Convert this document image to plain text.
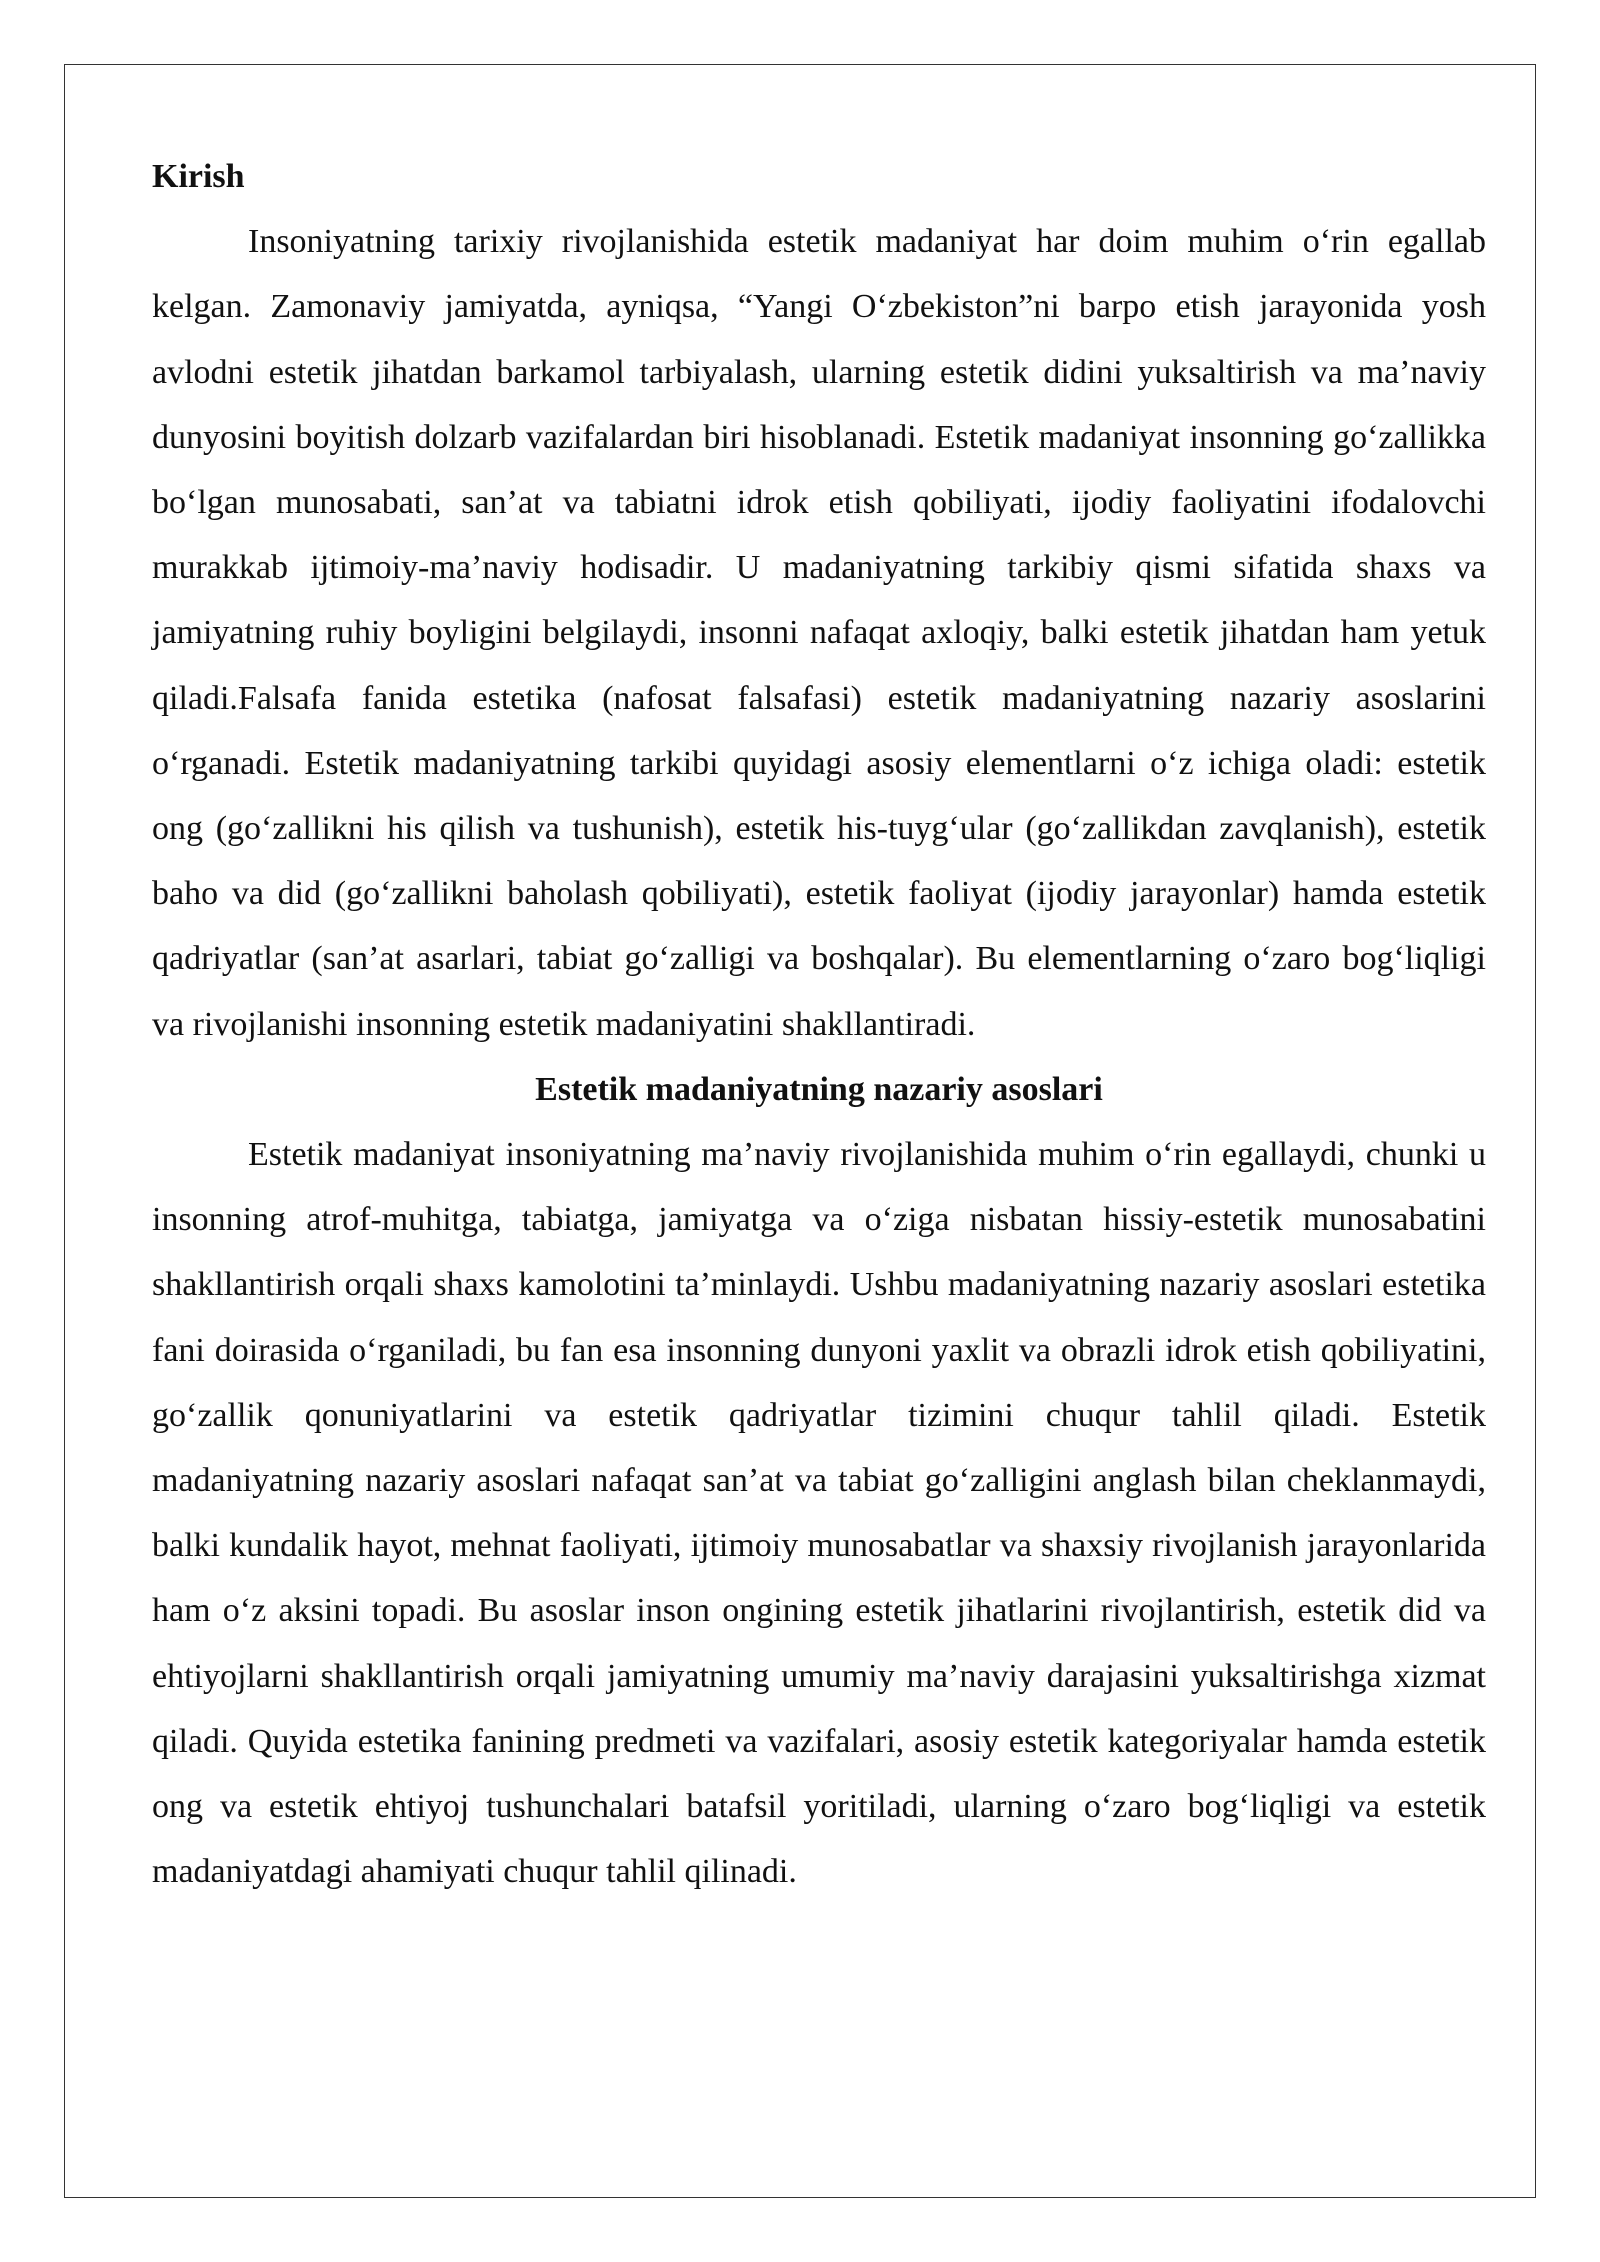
Kirish

Insoniyatning tarixiy rivojlanishida estetik madaniyat har doim muhim o‘rin egallab kelgan. Zamonaviy jamiyatda, ayniqsa, “Yangi O‘zbekiston”ni barpo etish jarayonida yosh avlodni estetik jihatdan barkamol tarbiyalash, ularning estetik didini yuksaltirish va ma’naviy dunyosini boyitish dolzarb vazifalardan biri hisoblanadi. Estetik madaniyat insonning go‘zallikka bo‘lgan munosabati, san’at va tabiatni idrok etish qobiliyati, ijodiy faoliyatini ifodalovchi murakkab ijtimoiy-ma’naviy hodisadir. U madaniyatning tarkibiy qismi sifatida shaxs va jamiyatning ruhiy boyligini belgilaydi, insonni nafaqat axloqiy, balki estetik jihatdan ham yetuk qiladi.Falsafa fanida estetika (nafosat falsafasi) estetik madaniyatning nazariy asoslarini o‘rganadi. Estetik madaniyatning tarkibi quyidagi asosiy elementlarni o‘z ichiga oladi: estetik ong (go‘zallikni his qilish va tushunish), estetik his-tuyg‘ular (go‘zallikdan zavqlanish), estetik baho va did (go‘zallikni baholash qobiliyati), estetik faoliyat (ijodiy jarayonlar) hamda estetik qadriyatlar (san’at asarlari, tabiat go‘zalligi va boshqalar). Bu elementlarning o‘zaro bog‘liqligi va rivojlanishi insonning estetik madaniyatini shakllantiradi.

Estetik madaniyatning nazariy asoslari

Estetik madaniyat insoniyatning ma’naviy rivojlanishida muhim o‘rin egallaydi, chunki u insonning atrof-muhitga, tabiatga, jamiyatga va o‘ziga nisbatan hissiy-estetik munosabatini shakllantirish orqali shaxs kamolotini ta’minlaydi. Ushbu madaniyatning nazariy asoslari estetika fani doirasida o‘rganiladi, bu fan esa insonning dunyoni yaxlit va obrazli idrok etish qobiliyatini, go‘zallik qonuniyatlarini va estetik qadriyatlar tizimini chuqur tahlil qiladi. Estetik madaniyatning nazariy asoslari nafaqat san’at va tabiat go‘zalligini anglash bilan cheklanmaydi, balki kundalik hayot, mehnat faoliyati, ijtimoiy munosabatlar va shaxsiy rivojlanish jarayonlarida ham o‘z aksini topadi. Bu asoslar inson ongining estetik jihatlarini rivojlantirish, estetik did va ehtiyojlarni shakllantirish orqali jamiyatning umumiy ma’naviy darajasini yuksaltirishga xizmat qiladi. Quyida estetika fanining predmeti va vazifalari, asosiy estetik kategoriyalar hamda estetik ong va estetik ehtiyoj tushunchalari batafsil yoritiladi, ularning o‘zaro bog‘liqligi va estetik madaniyatdagi ahamiyati chuqur tahlil qilinadi.
